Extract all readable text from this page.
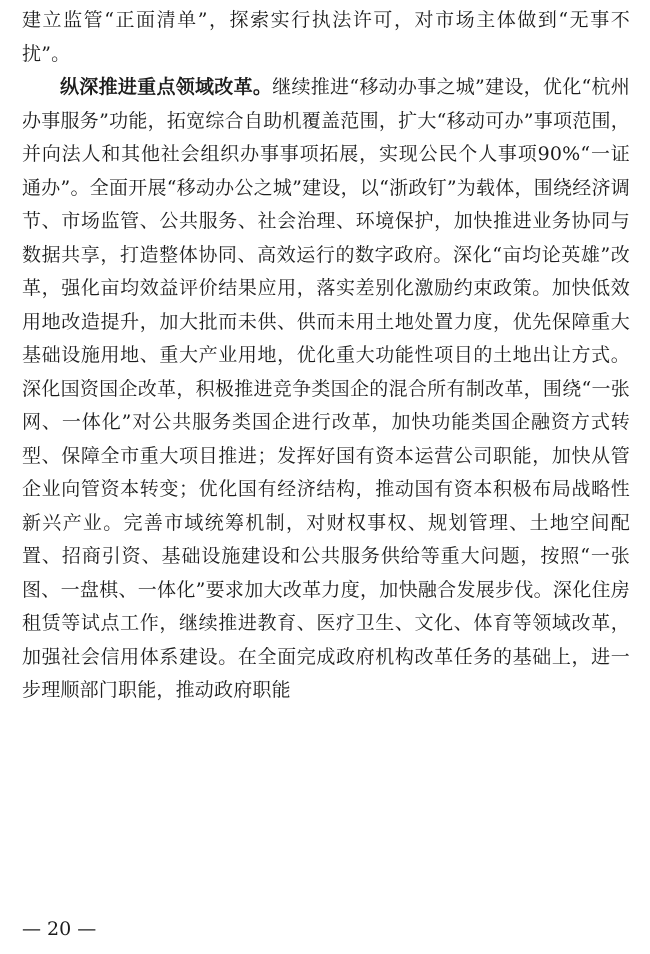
建立监管“正面清单”，探索实行执法许可，对市场主体做到“无事不扰”。

纵深推进重点领域改革。继续推进“移动办事之城”建设，优化“杭州办事服务”功能，拓宽综合自助机覆盖范围，扩大“移动可办”事项范围，并向法人和其他社会组织办事事项拓展，实现公民个人事项90%“一证通办”。全面开展“移动办公之城”建设，以“浙政钉”为载体，围绕经济调节、市场监管、公共服务、社会治理、环境保护，加快推进业务协同与数据共享，打造整体协同、高效运行的数字政府。深化“亩均论英雄”改革，强化亩均效益评价结果应用，落实差别化激励约束政策。加快低效用地改造提升，加大批而未供、供而未用土地处置力度，优先保障重大基础设施用地、重大产业用地，优化重大功能性项目的土地出让方式。深化国资国企改革，积极推进竞争类国企的混合所有制改革，围绕“一张网、一体化”对公共服务类国企进行改革，加快功能类国企融资方式转型、保障全市重大项目推进；发挥好国有资本运营公司职能，加快从管企业向管资本转变；优化国有经济结构，推动国有资本积极布局战略性新兴产业。完善市域统筹机制，对财权事权、规划管理、土地空间配置、招商引资、基础设施建设和公共服务供给等重大问题，按照“一张图、一盘棋、一体化”要求加大改革力度，加快融合发展步伐。深化住房租赁等试点工作，继续推进教育、医疗卫生、文化、体育等领域改革，加强社会信用体系建设。在全面完成政府机构改革任务的基础上，进一步理顺部门职能，推动政府职能

— 20 —
